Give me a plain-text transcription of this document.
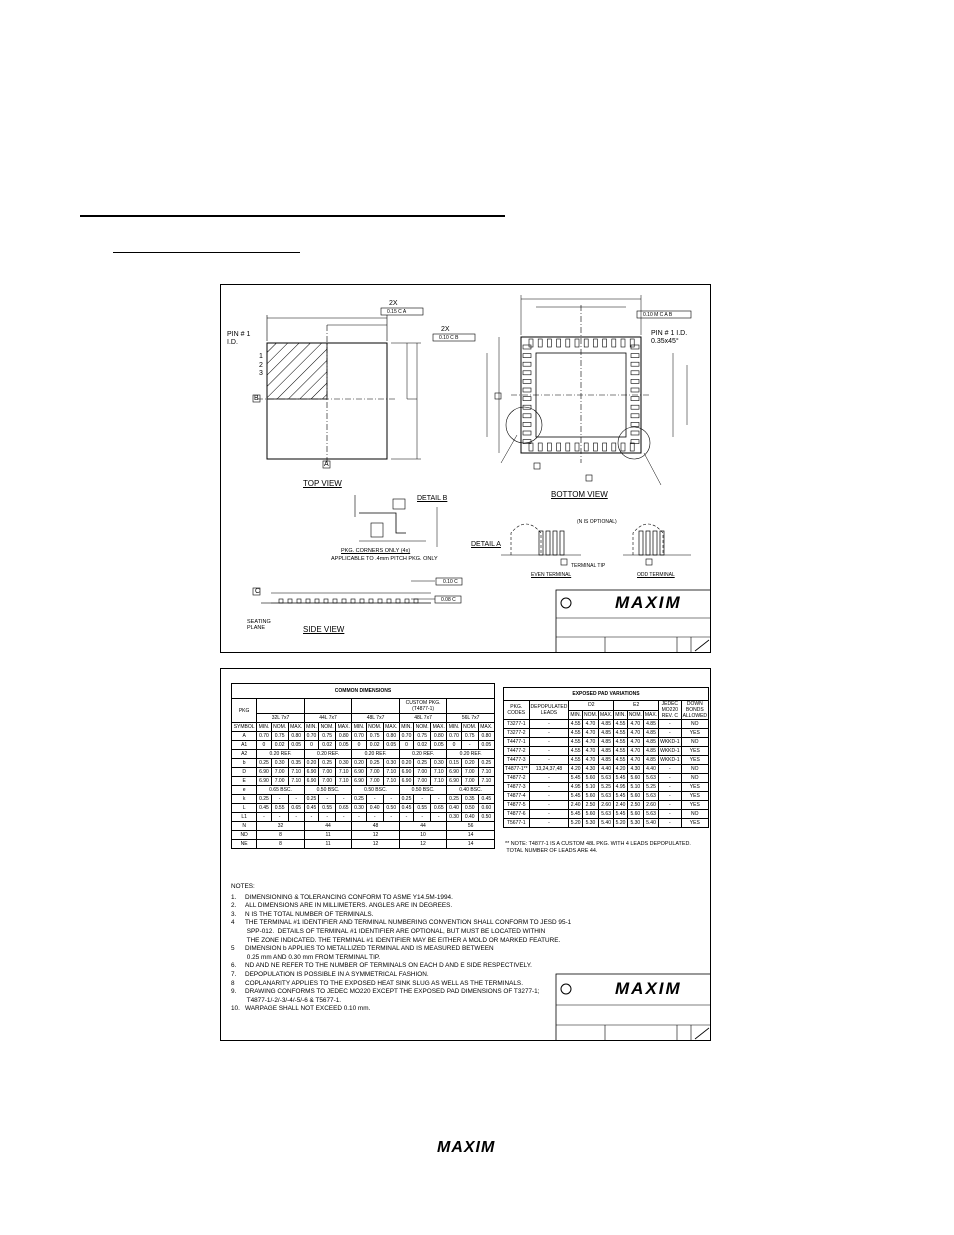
PIN # 1
I.D.
1
2
3
B
A
2X
0.15 C A
2X
0.10 C B
0.10 M C A B
TOP VIEW
BOTTOM VIEW
SIDE VIEW
PIN # 1 I.D.
0.35x45°
DETAIL B
DETAIL A
(N IS OPTIONAL)
TERMINAL TIP
EVEN TERMINAL	ODD TERMINAL
PKG. CORNERS ONLY (4x)
APPLICABLE TO .4mm PITCH PKG. ONLY
C
SEATING
PLANE
0.10 C
0.08 C	MAXIM
COMMON DIMENSIONS															
PKG										CUSTOM PKG.
(T4877-1)					
	32L 7x7			44L 7x7			48L 7x7			48L 7x7			56L 7x7		
SYMBOL	MIN.	NOM.	MAX.	MIN.	NOM.	MAX.	MIN.	NOM.	MAX.	MIN.	NOM.	MAX.	MIN.	NOM.	MAX.
A	0.70	0.75	0.80	0.70	0.75	0.80	0.70	0.75	0.80	0.70	0.75	0.80	0.70	0.75	0.80
A1	0	0.02	0.05	0	0.02	0.05	0	0.02	0.05	0	0.02	0.05	0	-	0.05
A2	0.20 REF.			0.20 REF.			0.20 REF.			0.20 REF.			0.20 REF.		
b	0.25	0.30	0.35	0.20	0.25	0.30	0.20	0.25	0.30	0.20	0.25	0.30	0.15	0.20	0.25
D	6.90	7.00	7.10	6.90	7.00	7.10	6.90	7.00	7.10	6.90	7.00	7.10	6.90	7.00	7.10
E	6.90	7.00	7.10	6.90	7.00	7.10	6.90	7.00	7.10	6.90	7.00	7.10	6.90	7.00	7.10
e	0.65 BSC.			0.50 BSC.			0.50 BSC.			0.50 BSC.			0.40 BSC.		
k	0.25	-	-	0.25	-	-	0.25	-	-	0.25	-	-	0.25	0.35	0.45
L	0.45	0.55	0.65	0.45	0.55	0.65	0.30	0.40	0.50	0.45	0.55	0.65	0.40	0.50	0.60
L1	-	-	-	-	-	-	-	-	-	-	-	-	0.30	0.40	0.50
N	32			44			48			44			56		
ND	8			11			12			10			14		
NE	8			11			12			12			14		
EXPOSED PAD VARIATIONS									
PKG.
CODES	DEPOPULATED
LEADS	D2			E2			JEDEC
MO220
REV. C	DOWN
BONDS
ALLOWED
		MIN.	NOM.	MAX.	MIN.	NOM.	MAX.		
T3277-1	-	4.55	4.70	4.85	4.55	4.70	4.85	-	NO
T3277-2	-	4.55	4.70	4.85	4.55	4.70	4.85	-	YES
T4477-1	-	4.55	4.70	4.85	4.55	4.70	4.85	WKKD-1	NO
T4477-2	-	4.55	4.70	4.85	4.55	4.70	4.85	WKKD-1	YES
T4477-3	-	4.55	4.70	4.85	4.55	4.70	4.85	WKKD-1	YES
T4877-1**	13,24,37,48	4.20	4.30	4.40	4.20	4.30	4.40	-	NO
T4877-2	-	5.45	5.60	5.63	5.45	5.60	5.63	-	NO
T4877-3	-	4.95	5.10	5.25	4.95	5.10	5.25	-	YES
T4877-4	-	5.45	5.60	5.63	5.45	5.60	5.63	-	YES
T4877-5	-	2.40	2.50	2.60	2.40	2.50	2.60	-	YES
T4877-6	-	5.45	5.60	5.63	5.45	5.60	5.63	-	NO
T5677-1	-	5.20	5.30	5.40	5.20	5.30	5.40	-	YES
** NOTE: T4877-1 IS A CUSTOM 48L PKG. WITH 4 LEADS DEPOPULATED.
TOTAL NUMBER OF LEADS ARE 44.
NOTES:
1.	DIMENSIONING & TOLERANCING CONFORM TO ASME Y14.5M-1994.
2.	ALL DIMENSIONS ARE IN MILLIMETERS. ANGLES ARE IN DEGREES.
3.	N IS THE TOTAL NUMBER OF TERMINALS.
4	THE TERMINAL #1 IDENTIFIER AND TERMINAL NUMBERING CONVENTION SHALL CONFORM TO JESD 95-1
SPP-012.  DETAILS OF TERMINAL #1 IDENTIFIER ARE OPTIONAL, BUT MUST BE LOCATED WITHIN
THE ZONE INDICATED. THE TERMINAL #1 IDENTIFIER MAY BE EITHER A MOLD OR MARKED FEATURE.
5	DIMENSION b APPLIES TO METALLIZED TERMINAL AND IS MEASURED BETWEEN
0.25 mm AND 0.30 mm FROM TERMINAL TIP.
6.	ND AND NE REFER TO THE NUMBER OF TERMINALS ON EACH D AND E SIDE RESPECTIVELY.
7.	DEPOPULATION IS POSSIBLE IN A SYMMETRICAL FASHION.
8	COPLANARITY APPLIES TO THE EXPOSED HEAT SINK SLUG AS WELL AS THE TERMINALS.
9.	DRAWING CONFORMS TO JEDEC MO220 EXCEPT THE EXPOSED PAD DIMENSIONS OF T3277-1;
T4877-1/-2/-3/-4/-5/-6 & T5677-1.
10. WARPAGE SHALL NOT EXCEED 0.10 mm.
MAXIM
MAXIM
